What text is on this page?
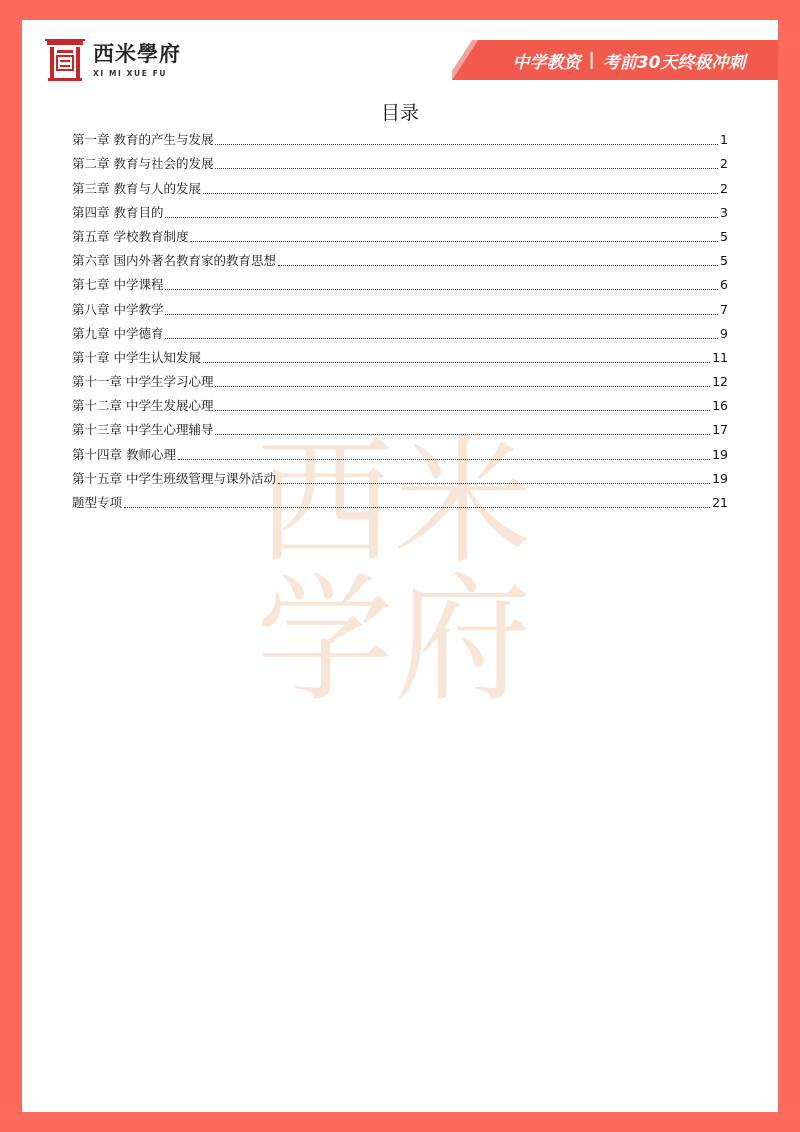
西米
学府
西米學府
XI MI XUE FU
中学教资 | 考前30天终极冲刺
目录
第一章 教育的产生与发展	1
第二章 教育与社会的发展	2
第三章 教育与人的发展	2
第四章 教育目的	3
第五章 学校教育制度	5
第六章 国内外著名教育家的教育思想	5
第七章 中学课程	6
第八章 中学教学	7
第九章 中学德育	9
第十章 中学生认知发展	11
第十一章 中学生学习心理	12
第十二章 中学生发展心理	16
第十三章 中学生心理辅导	17
第十四章 教师心理	19
第十五章 中学生班级管理与课外活动	19
题型专项	21
